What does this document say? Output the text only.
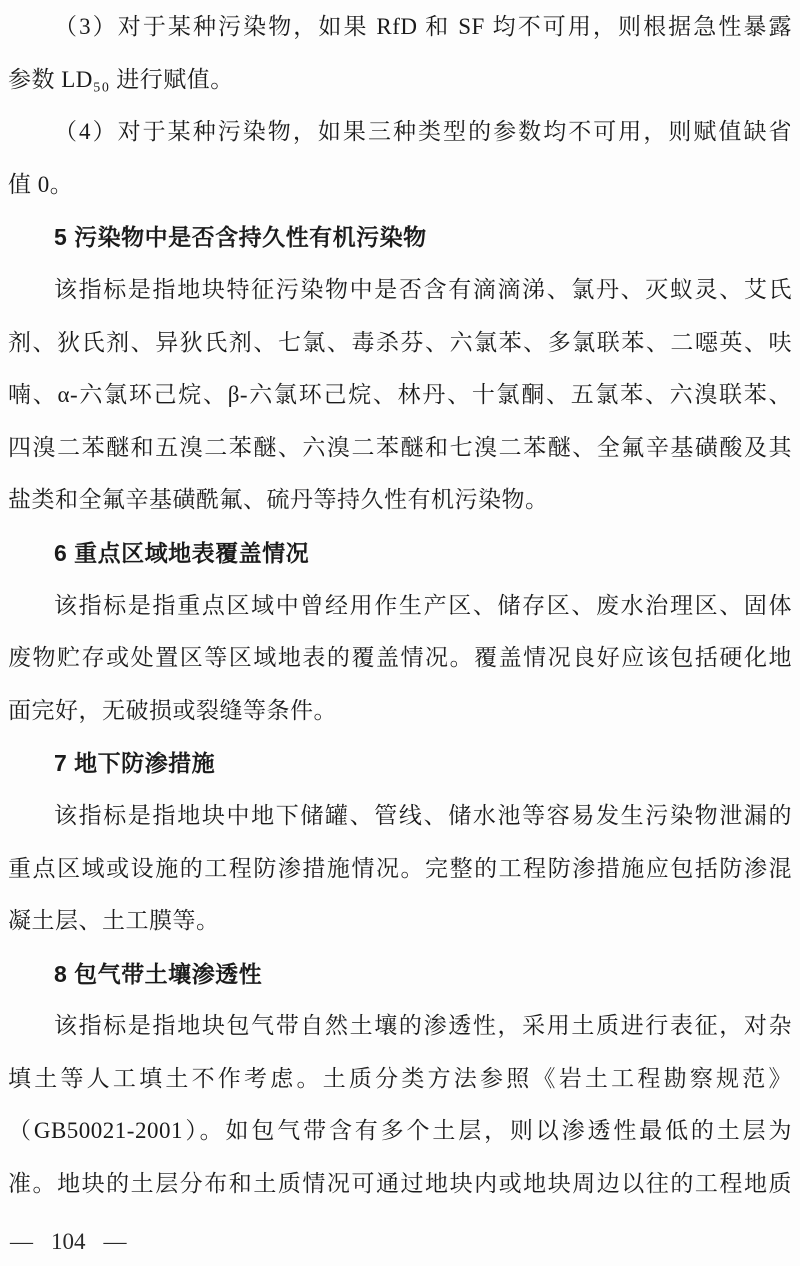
（3）对于某种污染物，如果 RfD 和 SF 均不可用，则根据急性暴露
参数 LD₅₀ 进行赋值。
（4）对于某种污染物，如果三种类型的参数均不可用，则赋值缺省
值 0。
5 污染物中是否含持久性有机污染物
该指标是指地块特征污染物中是否含有滴滴涕、氯丹、灭蚁灵、艾氏
剂、狄氏剂、异狄氏剂、七氯、毒杀芬、六氯苯、多氯联苯、二噁英、呋
喃、α-六氯环己烷、β-六氯环己烷、林丹、十氯酮、五氯苯、六溴联苯、
四溴二苯醚和五溴二苯醚、六溴二苯醚和七溴二苯醚、全氟辛基磺酸及其
盐类和全氟辛基磺酰氟、硫丹等持久性有机污染物。
6 重点区域地表覆盖情况
该指标是指重点区域中曾经用作生产区、储存区、废水治理区、固体
废物贮存或处置区等区域地表的覆盖情况。覆盖情况良好应该包括硬化地
面完好，无破损或裂缝等条件。
7 地下防渗措施
该指标是指地块中地下储罐、管线、储水池等容易发生污染物泄漏的
重点区域或设施的工程防渗措施情况。完整的工程防渗措施应包括防渗混
凝土层、土工膜等。
8 包气带土壤渗透性
该指标是指地块包气带自然土壤的渗透性，采用土质进行表征，对杂
填土等人工填土不作考虑。土质分类方法参照《岩土工程勘察规范》
（GB50021-2001）。如包气带含有多个土层，则以渗透性最低的土层为
准。地块的土层分布和土质情况可通过地块内或地块周边以往的工程地质
— 104 —
